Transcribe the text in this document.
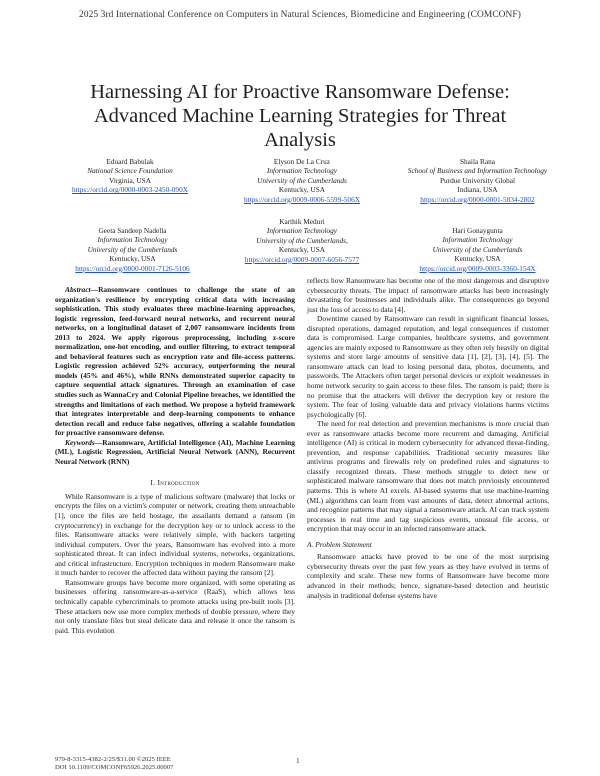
2025 3rd International Conference on Computers in Natural Sciences, Biomedicine and Engineering (COMCONF)
Harnessing AI for Proactive Ransomware Defense: Advanced Machine Learning Strategies for Threat Analysis
Eduard Babulak
National Science Foundation
Virginia, USA
https://orcid.org/0000-0003-2450-090X
Elyson De La Cruz
Information Technology
University of the Cumberlands
Kentucky, USA
https://orcid.org/0009-0006-5599-506X
Shaila Rana
School of Business and Information Technology
Purdue University Global
Indiana, USA
https://orcid.org/0000-0001-5834-2802
Geeta Sandeep Nadella
Information Technology
University of the Cumberlands
Kentucky, USA
https://orcid.org/0000-0001-7126-5106
Karthik Meduri
Information Technology
University of the Cumberlands,
Kentucky, USA
https://orcid.org/0009-0007-6056-7577
Hari Gonaygunta
Information Technology
University of the Cumberlands
Kentucky, USA
https://orcid.org/0009-0003-3360-154X

Abstract—Ransomware continues to challenge the state of an organization's resilience by encrypting critical data with increasing sophistication. This study evaluates three machine-learning approaches, logistic regression, feed-forward neural networks, and recurrent neural networks, on a longitudinal dataset of 2,007 ransomware incidents from 2013 to 2024. We apply rigorous preprocessing, including z-score normalization, one-hot encoding, and outlier filtering, to extract temporal and behavioral features such as encryption rate and file-access patterns. Logistic regression achieved 52% accuracy, outperforming the neural models (45% and 46%), while RNNs demonstrated superior capacity to capture sequential attack signatures. Through an examination of case studies such as WannaCry and Colonial Pipeline breaches, we identified the strengths and limitations of each method. We propose a hybrid framework that integrates interpretable and deep-learning components to enhance detection recall and reduce false negatives, offering a scalable foundation for proactive ransomware defense.

Keywords—Ransomware, Artificial Intelligence (AI), Machine Learning (ML), Logistic Regression, Artificial Neural Network (ANN), Recurrent Neural Network (RNN)

I. Introduction

While Ransomware is a type of malicious software (malware) that locks or encrypts the files on a victim's computer or network, creating them unreachable [1], once the files are held hostage, the assailants demand a ransom (in cryptocurrency) in exchange for the decryption key or to unlock access to the files. Ransomware attacks were relatively simple, with hackers targeting individual computers. Over the years, Ransomware has evolved into a more sophisticated threat. It can infect individual systems, networks, organizations, and critical infrastructure. Encryption techniques in modern Ransomware make it much harder to recover the affected data without paying the ransom [2].

Ransomware groups have become more organized, with some operating as businesses offering ransomware-as-a-service (RaaS), which allows less technically capable cybercriminals to promote attacks using pre-built tools [3]. These attackers now use more complex methods of double pressure, where they not only translate files but steal delicate data and release it once the ransom is paid. This evolution

reflects how Ransomware has become one of the most dangerous and disruptive cybersecurity threats. The impact of ransomware attacks has been increasingly devastating for businesses and individuals alike. The consequences go beyond just the loss of access to data [4].

Downtime caused by Ransomware can result in significant financial losses, disrupted operations, damaged reputation, and legal consequences if customer data is compromised. Large companies, healthcare systems, and government agencies are mainly exposed to Ransomware as they often rely heavily on digital systems and store large amounts of sensitive data [1], [2], [3], [4], [5]. The ransomware attack can lead to losing personal data, photos, documents, and passwords. The Attackers often target personal devices or exploit weaknesses in home network security to gain access to these files. The ransom is paid; there is no promise that the attackers will deliver the decryption key or restore the system. The fear of losing valuable data and privacy violations harms victims psychologically [6].

The need for real detection and prevention mechanisms is more crucial than ever as ransomware attacks become more recurrent and damaging. Artificial intelligence (AI) is critical in modern cybersecurity for advanced threat-finding, prevention, and response capabilities. Traditional security measures like antivirus programs and firewalls rely on predefined rules and signatures to classify recognized threats. These methods struggle to detect new or sophisticated malware ransomware that does not match previously encountered patterns. This is where AI excels. AI-based systems that use machine-learning (ML) algorithms can learn from vast amounts of data, detect abnormal actions, and recognize patterns that may signal a ransomware attack. AI can track system processes in real time and tag suspicious events, unusual file access, or encryption that may occur in an infected ransomware attack.

A. Problem Statement

Ransomware attacks have proved to be one of the most surprising cybersecurity threats over the past few years as they have evolved in terms of complexity and scale. These new forms of Ransomware have become more advanced in their methods; hence, signature-based detection and heuristic analysis in traditional defense systems have

979-8-3315-4382-2/25/$31.00 ©2025 IEEE
DOI 10.1109/COMCONF65926.2025.00007
1
